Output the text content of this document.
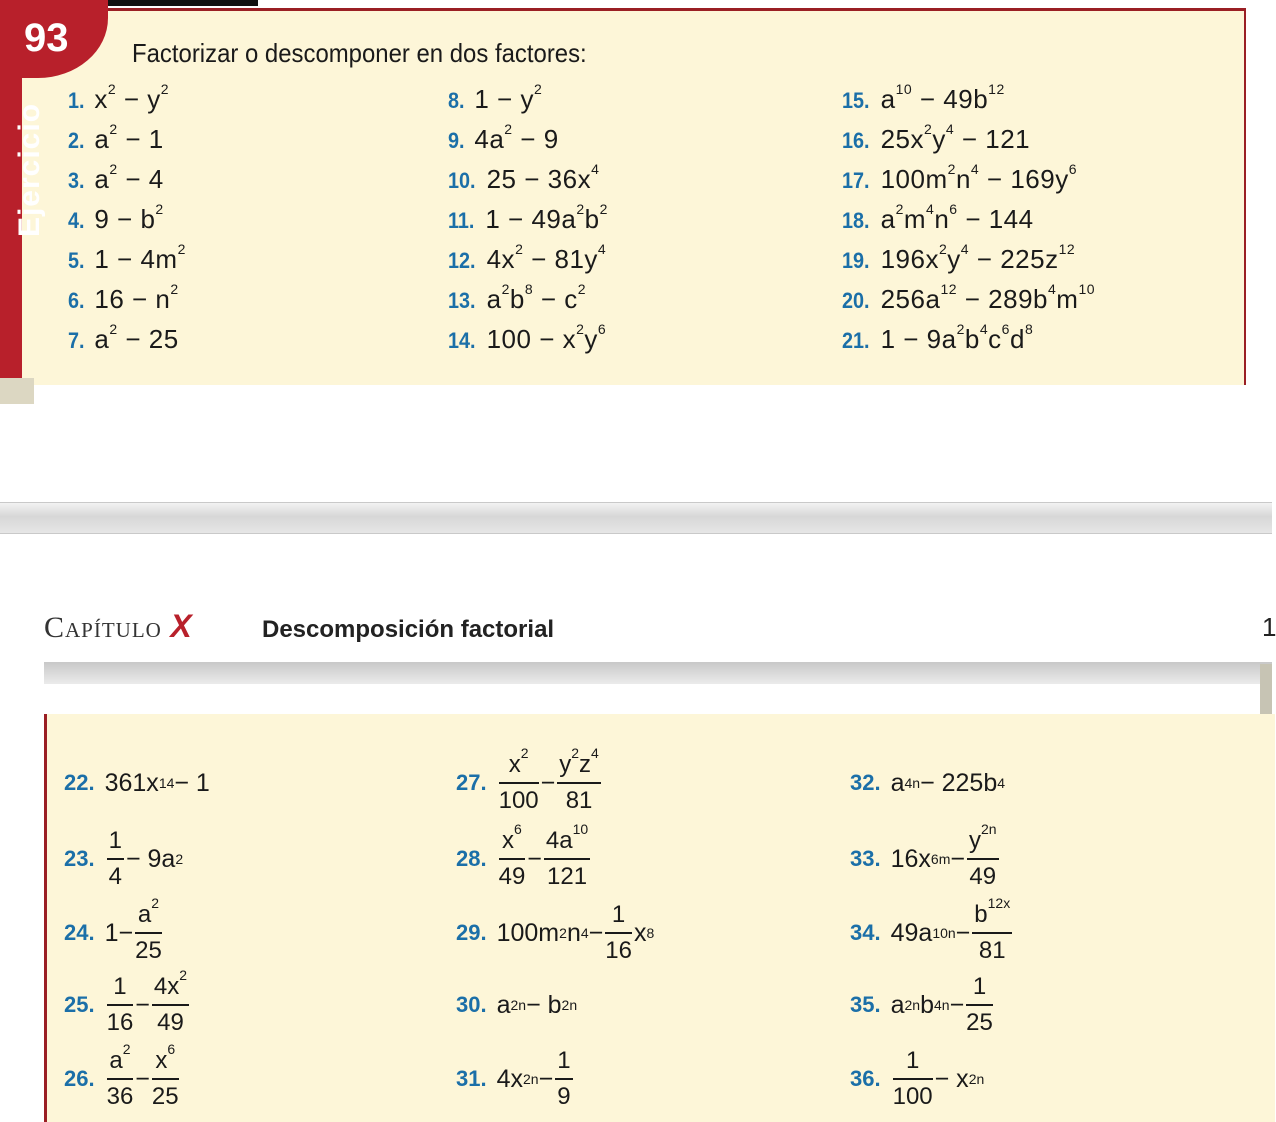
Ejercicio
93 Factorizar o descomponer en dos factores:
1. $x^2 - y^2$
2. $a^2 - 1$
3. $a^2 - 4$
4. $9 - b^2$
5. $1 - 4m^2$
6. $16 - n^2$
7. $a^2 - 25$
8. $1 - y^2$
9. $4a^2 - 9$
10. $25 - 36x^4$
11. $1 - 49a^2b^2$
12. $4x^2 - 81y^4$
13. $a^2b^8 - c^2$
14. $100 - x^2y^6$
15. $a^{10} - 49b^{12}$
16. $25x^2y^4 - 121$
17. $100m^2n^4 - 169y^6$
18. $a^2m^4n^6 - 144$
19. $196x^2y^4 - 225z^{12}$
20. $256a^{12} - 289b^4m^{10}$
21. $1 - 9a^2b^4c^6d^8$
Capítulo X	Descomposición factorial	1
22. 361x 14 − 1
23. $\frac{1}{4} - 9a$ 2
24. $1- \frac{a^2}{25}$
25. $\frac{1}{16} - \frac{4x^2}{49}$
26. $\frac{a^2}{36} - \frac{x^6}{25}$
27. $\frac{x^2}{100} - \frac{y^2z^4}{81}$
28. $\frac{x^6}{49} - \frac{4a^{10}}{121}$
29. 100m 2 n $4 - \frac{1}{16}$ x 8
30. a 2n − b 2n
31. 4x $2n - \frac{1}{9}$
32. a 4n − 225b 4
33. 16x $6m - \frac{y^{2n}}{49}$
34. 49a $10n - \frac{b^{12x}}{81}$
35. a 2n b $4n - \frac{1}{25}$
36. $\frac{1}{100} - x$ 2n
